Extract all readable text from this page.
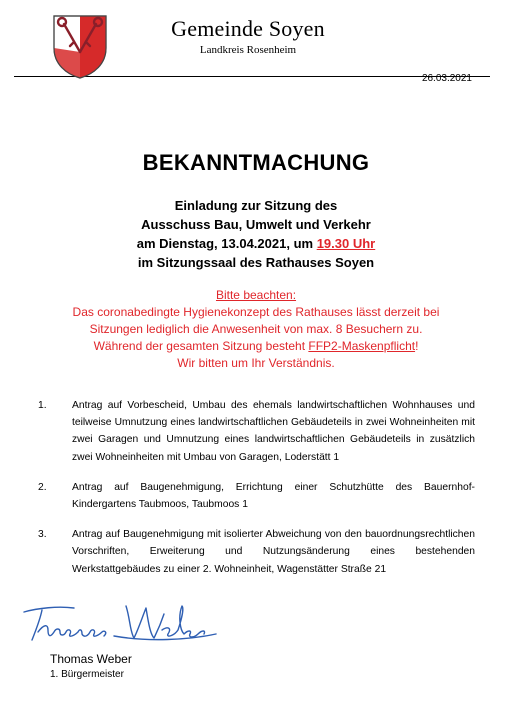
Gemeinde Soyen
Landkreis Rosenheim
26.03.2021
BEKANNTMACHUNG
Einladung zur Sitzung des
Ausschuss Bau, Umwelt und Verkehr
am Dienstag, 13.04.2021, um 19.30 Uhr
im Sitzungssaal des Rathauses Soyen
Bitte beachten:
Das coronabedingte Hygienekonzept des Rathauses lässt derzeit bei
Sitzungen lediglich die Anwesenheit von max. 8 Besuchern zu.
Während der gesamten Sitzung besteht FFP2-Maskenpflicht!
Wir bitten um Ihr Verständnis.
1. Antrag auf Vorbescheid, Umbau des ehemals landwirtschaftlichen Wohnhauses und teilweise Umnutzung eines landwirtschaftlichen Gebäudeteils in zwei Wohneinheiten mit zwei Garagen und Umnutzung eines landwirtschaftlichen Gebäudeteils in zusätzlich zwei Wohneinheiten mit Umbau von Garagen, Loderstätt 1
2. Antrag auf Baugenehmigung, Errichtung einer Schutzhütte des Bauernhof-Kindergartens Taubmoos, Taubmoos 1
3. Antrag auf Baugenehmigung mit isolierter Abweichung von den bauordnungsrechtlichen Vorschriften, Erweiterung und Nutzungsänderung eines bestehenden Werkstattgebäudes zu einer 2. Wohneinheit, Wagenstätter Straße 21
Thomas Weber
1. Bürgermeister
